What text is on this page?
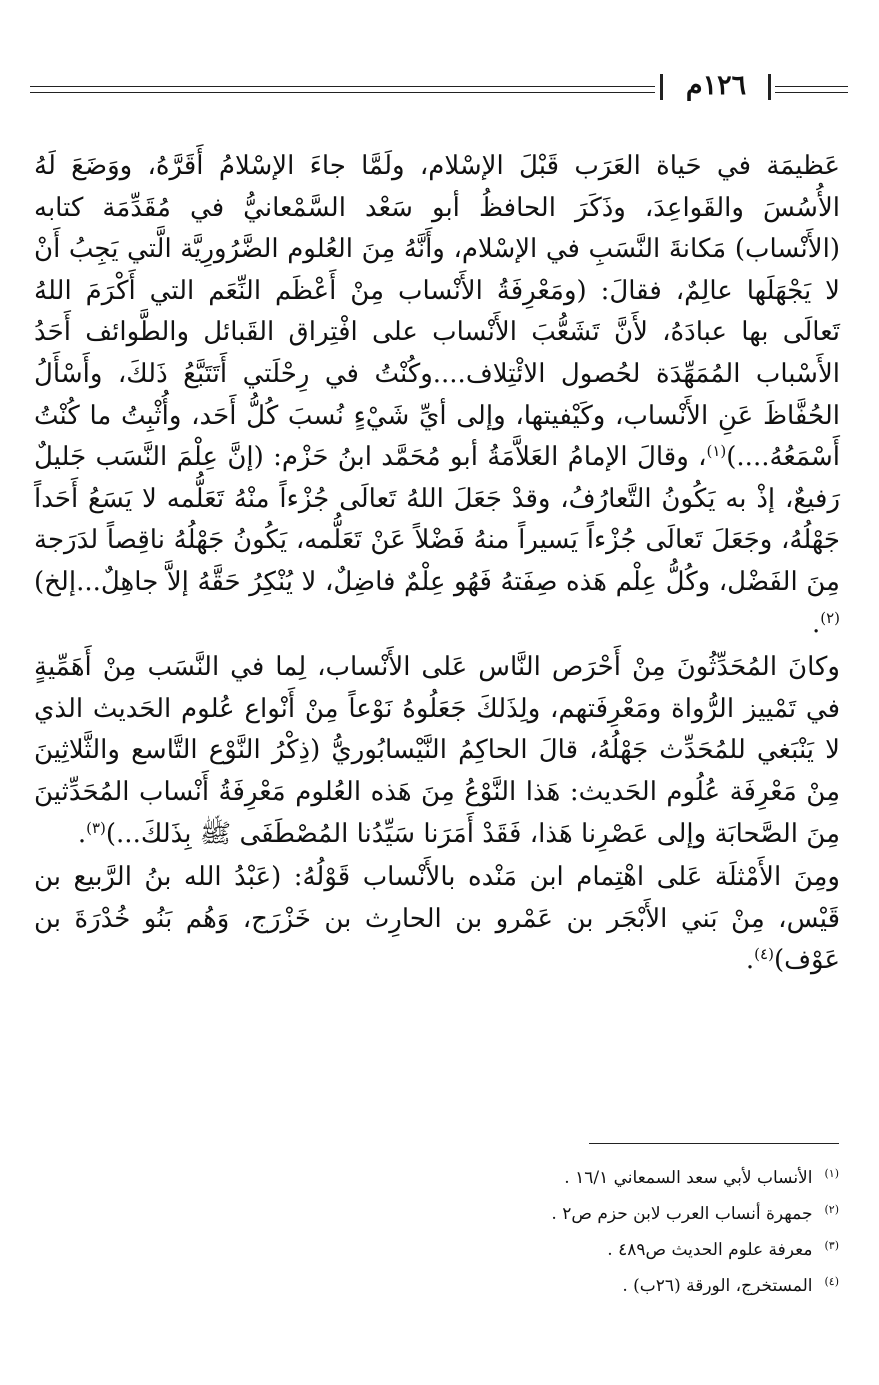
١٢٦م

عَظيمَة في حَياة العَرَب قَبْلَ الإسْلام، ولَمَّا جاءَ الإسْلامُ أَقَرَّهُ، ووَضَعَ لَهُ الأُسُسَ والقَواعِدَ، وذَكَرَ الحافظُ أبو سَعْد السَّمْعانيُّ في مُقَدِّمَة كتابه (الأَنْساب) مَكانةَ النَّسَبِ في الإسْلام، وأَنَّهُ مِنَ العُلوم الضَّرُورِيَّة الَّتي يَجِبُ أَنْ لا يَجْهَلَها عالِمٌ، فقالَ: (ومَعْرِفَةُ الأَنْساب مِنْ أَعْظَم النِّعَم التي أَكْرَمَ اللهُ تَعالَى بها عبادَهُ، لأَنَّ تَشَعُّبَ الأَنْساب على افْتِراق القَبائل والطَّوائف أَحَدُ الأَسْباب المُمَهِّدَة لحُصول الائْتِلاف....وكُنْتُ في رِحْلَتي أَتَتَبَّعُ ذَلكَ، وأَسْأَلُ الحُفَّاظَ عَنِ الأَنْساب، وكَيْفيتها، وإلى أيِّ شَيْءٍ نُسبَ كُلُّ أَحَد، وأُثْبِتُ ما كُنْتُ أَسْمَعُهُ....)$^{(١)}$، وقالَ الإمامُ العَلاَّمَةُ أبو مُحَمَّد ابنُ حَزْم: (إنَّ عِلْمَ النَّسَب جَليلٌ رَفيعٌ، إذْ به يَكُونُ التَّعارُفُ، وقدْ جَعَلَ اللهُ تَعالَى جُزْءاً منْهُ تَعَلُّمه لا يَسَعُ أَحَداً جَهْلُهُ، وجَعَلَ تَعالَى جُزْءاً يَسيراً منهُ فَضْلاً عَنْ تَعَلُّمه، يَكُونُ جَهْلُهُ ناقِصاً لدَرَجة مِنَ الفَضْل، وكُلُّ عِلْم هَذه صِفَتهُ فَهُو عِلْمٌ فاضِلٌ، لا يُنْكِرُ حَقَّهُ إلاَّ جاهِلٌ...إلخ)$^{(٢)}$.

وكانَ المُحَدِّثُونَ مِنْ أَحْرَص النَّاس عَلى الأَنْساب، لِما في النَّسَب مِنْ أَهَمِّيةٍ في تَمْييز الرُّواة ومَعْرِفَتهم، ولِذَلكَ جَعَلُوهُ نَوْعاً مِنْ أَنْواع عُلوم الحَديث الذي لا يَنْبَغي للمُحَدِّث جَهْلُهُ، قالَ الحاكِمُ النَّيْسابُوريُّ (ذِكْرُ النَّوْع التَّاسع والثَّلاثِينَ مِنْ مَعْرِفَة عُلُوم الحَديث: هَذا النَّوْعُ مِنَ هَذه العُلوم مَعْرِفَةُ أَنْساب المُحَدِّثينَ مِنَ الصَّحابَة وإلى عَصْرِنا هَذا، فَقَدْ أَمَرَنا سَيِّدُنا المُصْطَفَى ﷺ بِذَلكَ...)$^{(٣)}$.

ومِنَ الأَمْثلَة عَلى اهْتِمام ابن مَنْده بالأَنْساب قَوْلُهُ: (عَبْدُ الله بنُ الرَّبيع بن قَيْس، مِنْ بَني الأَبْجَر بن عَمْرو بن الحارِث بن خَزْرَج، وَهُم بَنُو خُدْرَةَ بن عَوْف)$^{(٤)}$.

$^{(١)}$الأنساب لأبي سعد السمعاني ١٦/١ .

$^{(٢)}$جمهرة أنساب العرب لابن حزم ص٢ .

$^{(٣)}$معرفة علوم الحديث ص٤٨٩ .

$^{(٤)}$المستخرج، الورقة (٢٦ب) .
